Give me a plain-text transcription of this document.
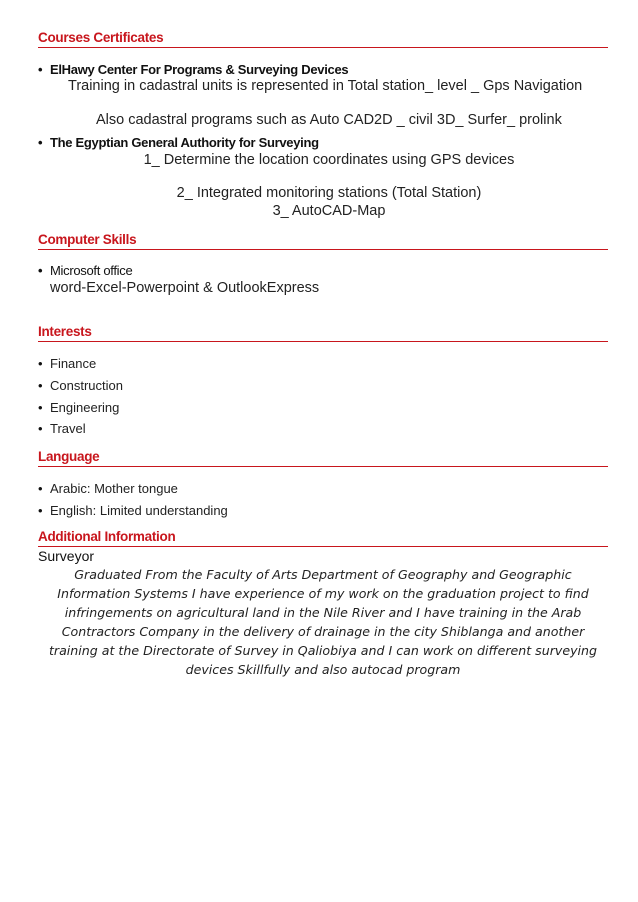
Courses Certificates
• ElHawy Center For Programs & Surveying Devices
Training in cadastral units is represented in Total station_ level _ Gps Navigation
Also cadastral programs such as Auto CAD2D _ civil 3D_ Surfer_ prolink
• The Egyptian General Authority for Surveying
1_ Determine the location coordinates using GPS devices
2_ Integrated monitoring stations (Total Station)
3_ AutoCAD-Map
Computer Skills
• Microsoft office
word-Excel-Powerpoint & OutlookExpress
Interests
• Finance
• Construction
• Engineering
• Travel
Language
• Arabic: Mother tongue
• English: Limited understanding
Additional Information
Surveyor
Graduated From the Faculty of Arts Department of Geography and Geographic Information Systems I have experience of my work on the graduation project to find infringements on agricultural land in the Nile River and I have training in the Arab Contractors Company in the delivery of drainage in the city Shiblanga and another training at the Directorate of Survey in Qaliobiya and I can work on different surveying devices Skillfully and also autocad program
